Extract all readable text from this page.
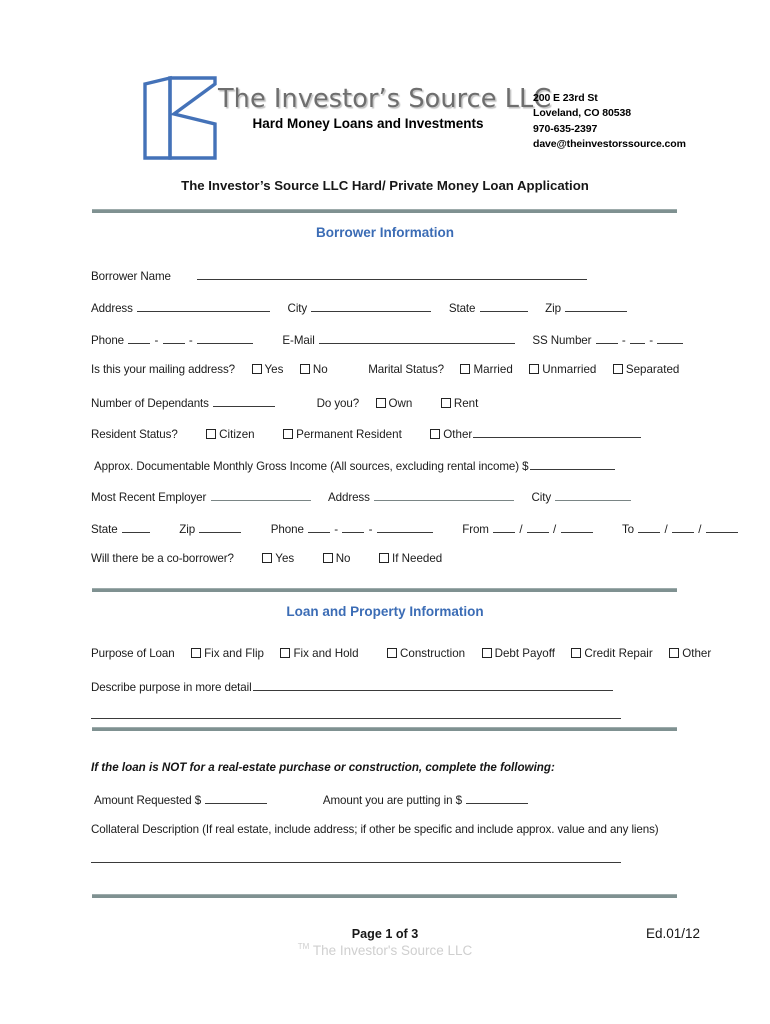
The Investor’s Source LLC
Hard Money Loans and Investments
200 E 23rd St
Loveland, CO 80538
970-635-2397
dave@theinvestorssource.com
The Investor’s Source LLC Hard/ Private Money Loan Application
Borrower Information
Borrower Name
Address	City	State	Zip
Phone	-	-	E-Mail	SS Number	- -
Is this your mailing address?	Yes	No	Marital Status?	Married	Unmarried	Separated
Number of Dependants	Do you?	Own	Rent
Resident Status?	Citizen	Permanent Resident	Other
Approx. Documentable Monthly Gross Income (All sources, excluding rental income) $
Most Recent Employer	Address	City
State	Zip	Phone	-	-	From	/	/	To	/	/
Will there be a co-borrower?	Yes	No	If Needed
Loan and Property Information
Purpose of Loan	Fix and Flip	Fix and Hold	Construction	Debt Payoff	Credit Repair	Other
Describe purpose in more detail
If the loan is NOT for a real-estate purchase or construction, complete the following:
Amount Requested $	Amount you are putting in $
Collateral Description (If real estate, include address; if other be specific and include approx. value and any liens)
Page 1 of 3	Ed.01/12
™ The Investor's Source LLC
